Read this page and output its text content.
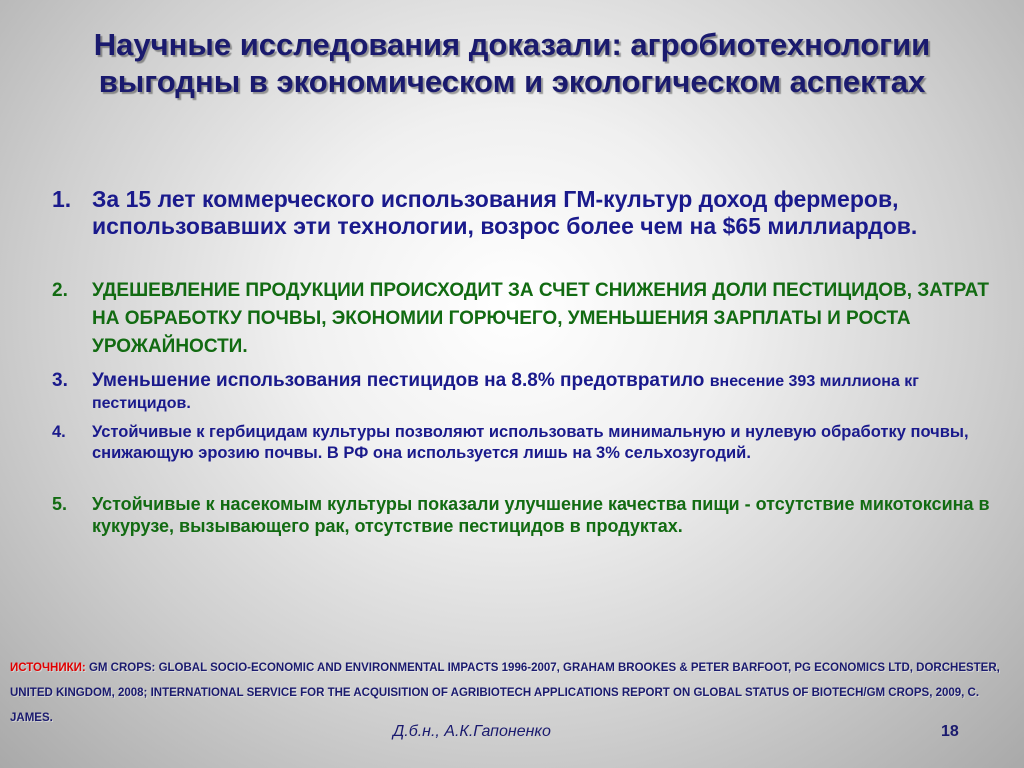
Научные исследования доказали: агробиотехнологии выгодны в экономическом и экологическом аспектах
1. За 15 лет коммерческого использования ГМ-культур доход фермеров, использовавших эти технологии, возрос более чем на $65 миллиардов.
2.	УДЕШЕВЛЕНИЕ ПРОДУКЦИИ ПРОИСХОДИТ ЗА СЧЕТ СНИЖЕНИЯ ДОЛИ ПЕСТИЦИДОВ, ЗАТРАТ НА ОБРАБОТКУ ПОЧВЫ, ЭКОНОМИИ ГОРЮЧЕГО, УМЕНЬШЕНИЯ ЗАРПЛАТЫ И РОСТА УРОЖАЙНОСТИ.
3.	Уменьшение использования пестицидов на 8.8% предотвратило внесение 393 миллиона кг пестицидов.
4.	Устойчивые к гербицидам культуры позволяют использовать минимальную и нулевую обработку почвы, снижающую эрозию почвы. В РФ она используется лишь на 3% сельхозугодий.
5.	Устойчивые к насекомым культуры показали улучшение качества пищи - отсутствие микотоксина в кукурузе, вызывающего рак, отсутствие пестицидов в продуктах.
ИСТОЧНИКИ: GM CROPS: GLOBAL SOCIO-ECONOMIC AND ENVIRONMENTAL IMPACTS 1996-2007, GRAHAM BROOKES & PETER BARFOOT, PG ECONOMICS LTD, DORCHESTER, UNITED KINGDOM, 2008; INTERNATIONAL SERVICE FOR THE ACQUISITION OF AGRIBIOTECH APPLICATIONS REPORT ON GLOBAL STATUS OF BIOTECH/GM CROPS, 2009, C. JAMES.
Д.б.н., А.К.Гапоненко	18
